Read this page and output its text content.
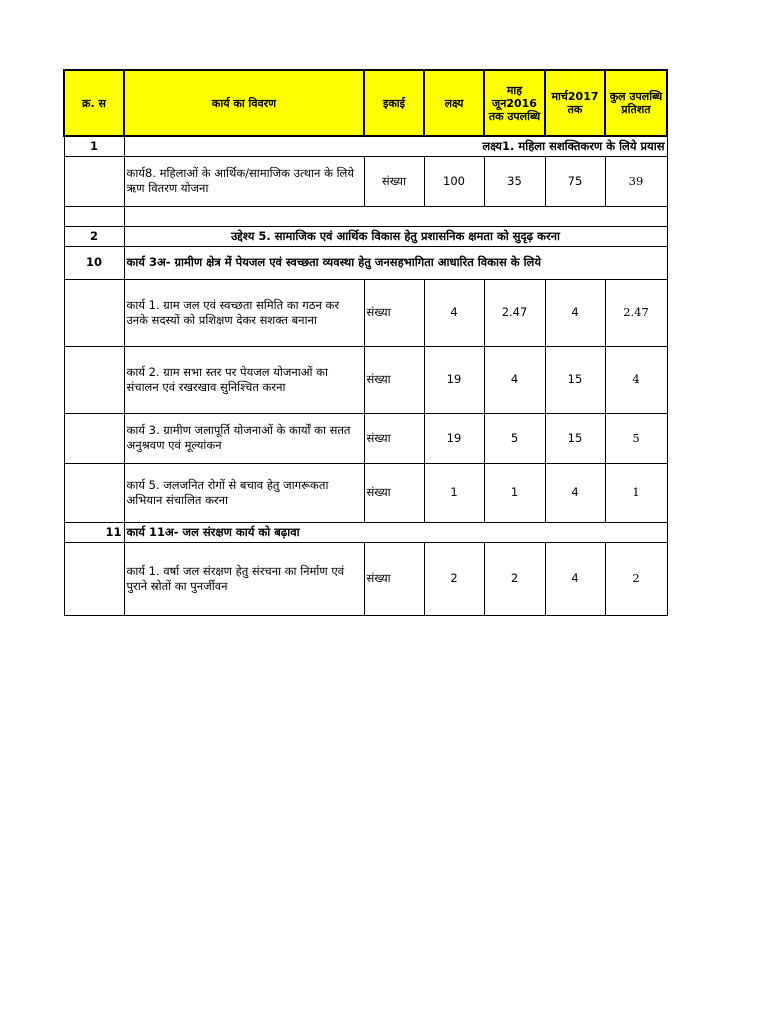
क्र. स	कार्य का विवरण	इकाई	लक्ष्य	माह जून2016 तक उपलब्धि	मार्च2017 तक	कुल उपलब्धि प्रतिशत
1	लक्ष्य1. महिला सशक्तिकरण के लिये प्रयास					
	कार्य8. महिलाओं के आर्थिक/सामाजिक उत्थान के लिये ऋण वितरण योजना	संख्या	100	35	75	39

2	उद्देश्य 5. सामाजिक एवं आर्थिक विकास हेतु प्रशासनिक क्षमता को सुदृढ़ करना					
10	कार्य 3अ- ग्रामीण क्षेत्र में पेयजल एवं स्वच्छता व्यवस्था हेतु जनसहभागिता आधारित विकास के लिये					
	कार्य 1. ग्राम जल एवं स्वच्छता समिति का गठन कर उनके सदस्यों को प्रशिक्षण देकर सशक्त बनाना	संख्या	4	2.47	4	2.47
	कार्य 2. ग्राम सभा स्तर पर पेयजल योजनाओं का संचालन एवं रखरखाव सुनिश्चित करना	संख्या	19	4	15	4
	कार्य 3. ग्रामीण जलापूर्ति योजनाओं के कार्यों का सतत अनुश्रवण एवं मूल्यांकन	संख्या	19	5	15	5
	कार्य 5. जलजनित रोगों से बचाव हेतु जागरूकता अभियान संचालित करना	संख्या	1	1	4	1
11	कार्य 11अ- जल संरक्षण कार्य को बढ़ावा					
	कार्य 1. वर्षा जल संरक्षण हेतु संरचना का निर्माण एवं पुराने स्रोतों का पुनर्जीवन	संख्या	2	2	4	2
